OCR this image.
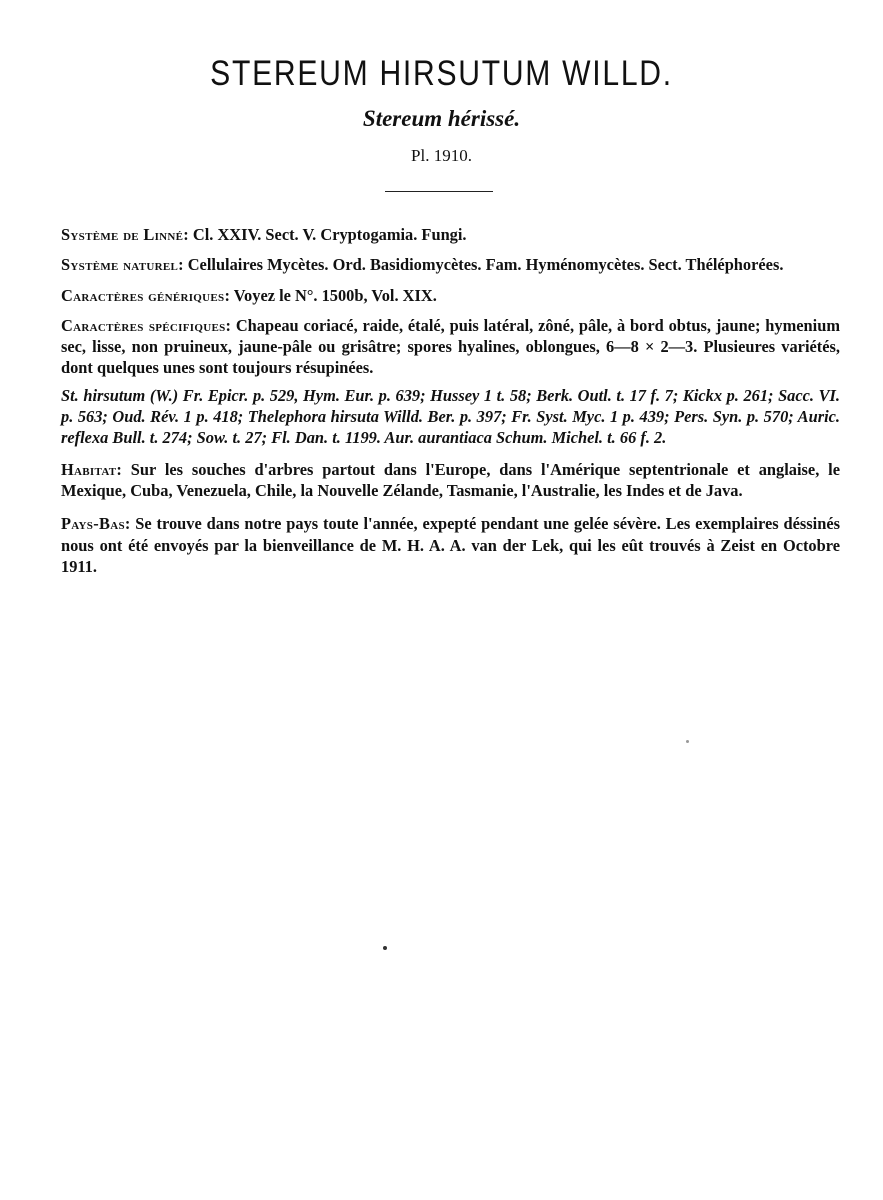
STEREUM HIRSUTUM WILLD.
Stereum hérissé.
Pl. 1910.

Système de Linné: Cl. XXIV. Sect. V. Cryptogamia. Fungi.

Système naturel: Cellulaires Mycètes. Ord. Basidiomycètes. Fam. Hyménomycètes. Sect. Théléphorées.

Caractères génériques: Voyez le N°. 1500b, Vol. XIX.

Caractères spécifiques: Chapeau coriacé, raide, étalé, puis latéral, zôné, pâle, à bord obtus, jaune; hymenium sec, lisse, non pruineux, jaune-pâle ou grisâtre; spores hyalines, oblongues, 6—8 × 2—3. Plusieures variétés, dont quelques unes sont toujours résupinées.

St. hirsutum (W.) Fr. Epicr. p. 529, Hym. Eur. p. 639; Hussey 1 t. 58; Berk. Outl. t. 17 f. 7; Kickx p. 261; Sacc. VI. p. 563; Oud. Rév. 1 p. 418; Thelephora hirsuta Willd. Ber. p. 397; Fr. Syst. Myc. 1 p. 439; Pers. Syn. p. 570; Auric. reflexa Bull. t. 274; Sow. t. 27; Fl. Dan. t. 1199. Aur. aurantiaca Schum. Michel. t. 66 f. 2.

Habitat: Sur les souches d'arbres partout dans l'Europe, dans l'Amérique septentrionale et anglaise, le Mexique, Cuba, Venezuela, Chile, la Nouvelle Zélande, Tasmanie, l'Australie, les Indes et de Java.

Pays-Bas: Se trouve dans notre pays toute l'année, expepté pendant une gelée sévère. Les exemplaires déssinés nous ont été envoyés par la bienveillance de M. H. A. A. van der Lek, qui les eût trouvés à Zeist en Octobre 1911.
